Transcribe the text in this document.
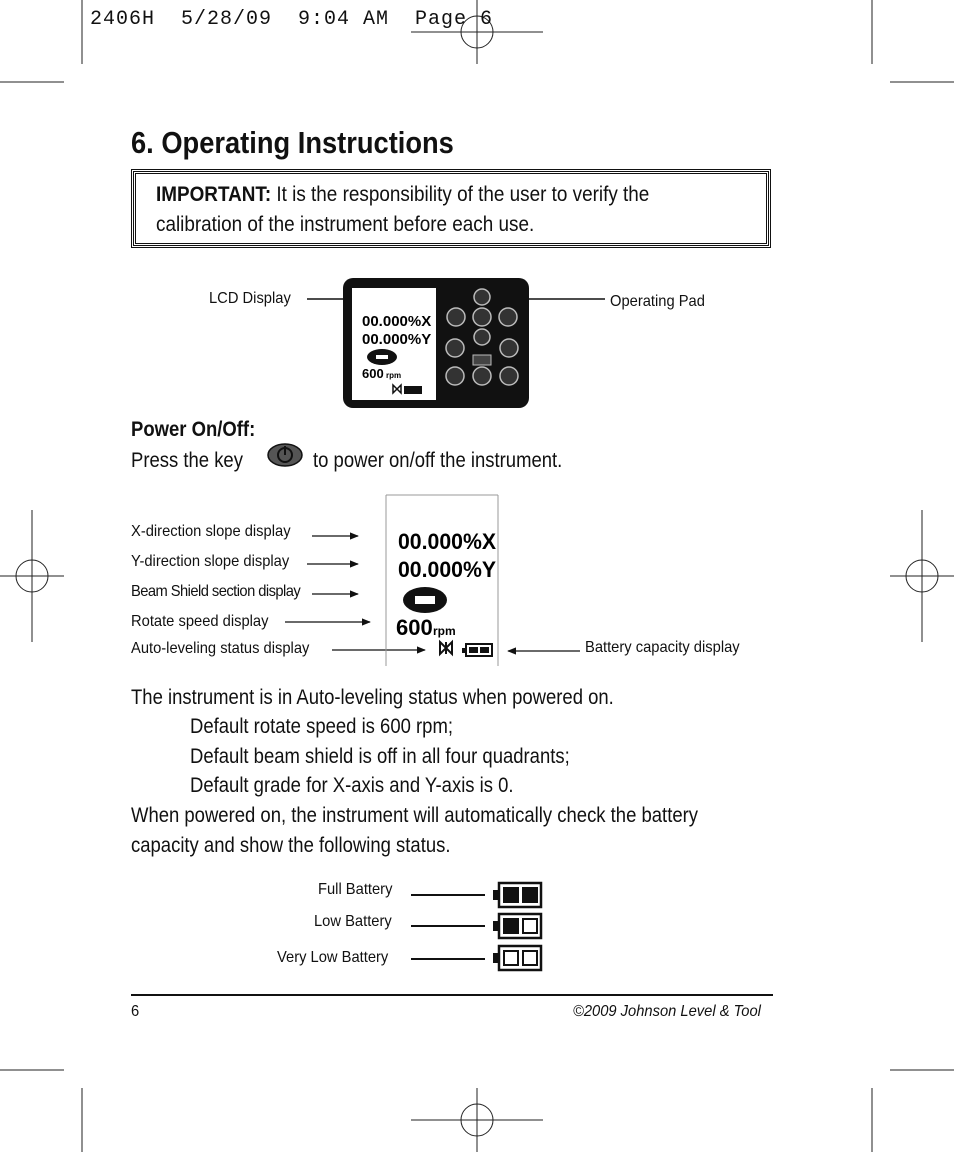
2406H  5/28/09  9:04 AM  Page 6
6. Operating Instructions
IMPORTANT: It is the responsibility of the user to verify the
calibration of the instrument before each use.
LCD Display	Operating Pad
00.000%X
00.000%Y
600 rpm
Power On/Off:
Press the key	to power on/off the instrument.
X-direction slope display
Y-direction slope display
Beam Shield section display
Rotate speed display
Auto-leveling status display	Battery capacity display
00.000%X
00.000%Y
600 rpm
The instrument is in Auto-leveling status when powered on.
Default rotate speed is 600 rpm;
Default beam shield is off in all four quadrants;
Default grade for X-axis and Y-axis is 0.
When powered on, the instrument will automatically check the battery
capacity and show the following status.
Full Battery
Low Battery
Very Low Battery
6	©2009 Johnson Level & Tool
